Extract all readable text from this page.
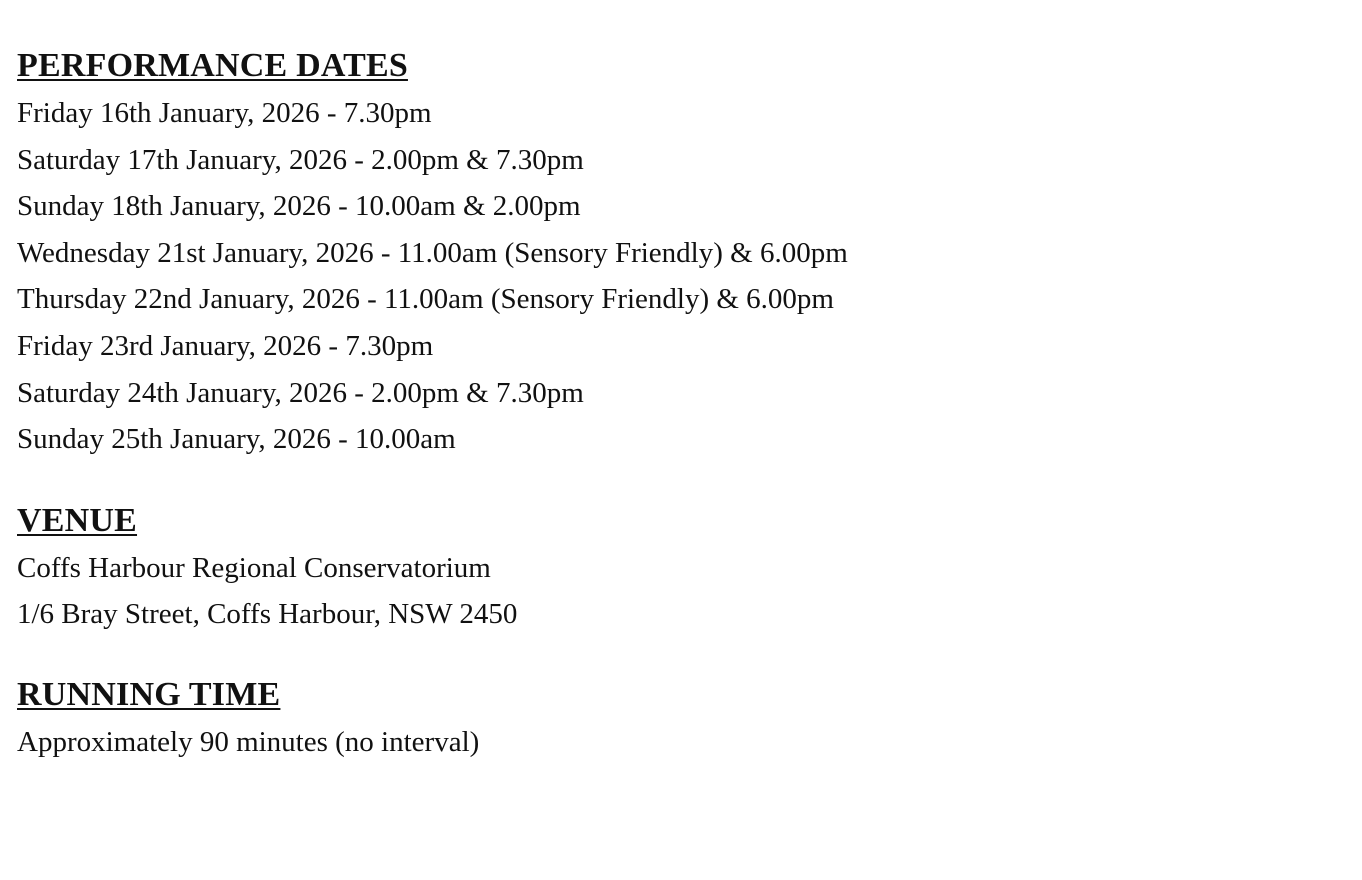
PERFORMANCE DATES

Friday 16th January, 2026 - 7.30pm

Saturday 17th January, 2026 - 2.00pm & 7.30pm

Sunday 18th January, 2026 - 10.00am & 2.00pm

Wednesday 21st January, 2026 - 11.00am (Sensory Friendly) & 6.00pm

Thursday 22nd January, 2026 - 11.00am (Sensory Friendly) & 6.00pm

Friday 23rd January, 2026 - 7.30pm

Saturday 24th January, 2026 - 2.00pm & 7.30pm

Sunday 25th January, 2026 - 10.00am

VENUE

Coffs Harbour Regional Conservatorium

1/6 Bray Street, Coffs Harbour, NSW 2450

RUNNING TIME

Approximately 90 minutes (no interval)
